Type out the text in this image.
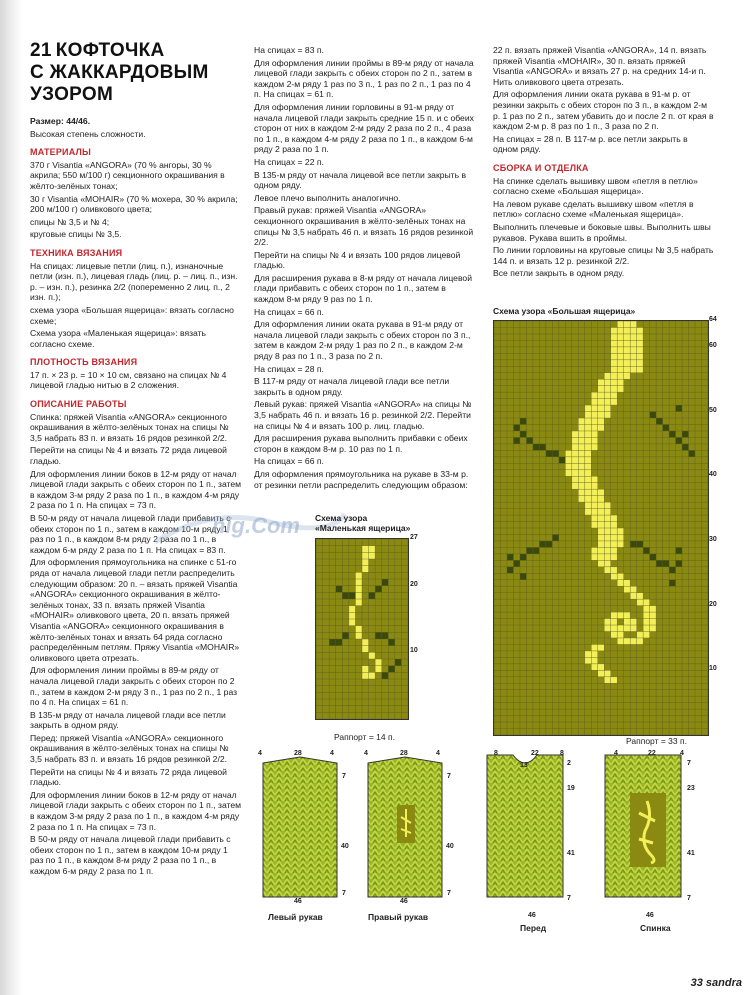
21 КОФТОЧКА
С ЖАККАРДОВЫМ
УЗОРОМ

Размер: 44/46.

Высокая степень сложности.

МАТЕРИАЛЫ

370 г Visantia «ANGORA» (70 % ангоры, 30 % акрила; 550 м/100 г) секционного окрашивания в жёлто-зелёных тонах;

30 г Visantia «MOHAIR» (70 % мохера, 30 % акрила; 200 м/100 г) оливкового цвета;

спицы № 3,5 и № 4;

круговые спицы № 3,5.

ТЕХНИКА ВЯЗАНИЯ

На спицах: лицевые петли (лиц. п.), изнаночные петли (изн. п.), лицевая гладь (лиц. р. – лиц. п., изн. р. – изн. п.), резинка 2/2 (попеременно 2 лиц. п., 2 изн. п.);

схема узора «Большая ящерица»: вязать согласно схеме;

Схема узора «Маленькая ящерица»: вязать согласно схеме.

ПЛОТНОСТЬ ВЯЗАНИЯ

17 п. × 23 р. = 10 × 10 см, связано на спицах № 4 лицевой гладью нитью в 2 сложения.

ОПИСАНИЕ РАБОТЫ

Спинка: пряжей Visantia «ANGORA» секционного окрашивания в жёлто-зелёных тонах на спицы № 3,5 набрать 83 п. и вязать 16 рядов резинкой 2/2.

Перейти на спицы № 4 и вязать 72 ряда лицевой гладью.

Для оформления линии боков в 12-м ряду от начал лицевой глади закрыть с обеих сторон по 1 п., затем в каждом 3-м ряду 2 раза по 1 п., в каждом 4-м ряду 2 раза по 1 п. На спицах = 73 п.

В 50-м ряду от начала лицевой глади прибавить с обеих сторон по 1 п., затем в каждом 10-м ряду 1 раз по 1 п., в каждом 8-м ряду 2 раза по 1 п., в каждом 6-м ряду 2 раза по 1 п. На спицах = 83 п.

Для оформления прямоугольника на спинке с 51-го ряда от начала лицевой глади петли распределить следующим образом: 20 п. – вязать пряжей Visantia «ANGORA» секционного окрашивания в жёлто-зелёных тонах, 33 п. вязать пряжей Visantia «MOHAIR» оливкового цвета, 20 п. вязать пряжей Visantia «ANGORA» секционного окрашивания в жёлто-зелёных тонах и вязать 64 ряда согласно распределённым петлям. Пряжу Visantia «MOHAIR» оливкового цвета отрезать.

Для оформления линии проймы в 89-м ряду от начала лицевой глади закрыть с обеих сторон по 2 п., затем в каждом 2-м ряду 3 п., 1 раз по 2 п., 1 раз по 4 п. На спицах = 61 п.

В 135-м ряду от начала лицевой глади все петли закрыть в одном ряду.

Перед: пряжей Visantia «ANGORA» секционного окрашивания в жёлто-зелёных тонах на спицы № 3,5 набрать 83 п. и вязать 16 рядов резинкой 2/2.

Перейти на спицы № 4 и вязать 72 ряда лицевой гладью.

Для оформления линии боков в 12-м ряду от начал лицевой глади закрыть с обеих сторон по 1 п., затем в каждом 3-м ряду 2 раза по 1 п., в каждом 4-м ряду 2 раза по 1 п. На спицах = 73 п.

В 50-м ряду от начала лицевой глади прибавить с обеих сторон по 1 п., затем в каждом 10-м ряду 1 раз по 1 п., в каждом 8-м ряду 2 раза по 1 п., в каждом 6-м ряду 2 раза по 1 п.

На спицах = 83 п.

Для оформления линии проймы в 89-м ряду от начала лицевой глади закрыть с обеих сторон по 2 п., затем в каждом 2-м ряду 1 раз по 3 п., 1 раз по 2 п., 1 раз по 4 п. На спицах = 61 п.

Для оформления линии горловины в 91-м ряду от начала лицевой глади закрыть средние 15 п. и с обеих сторон от них в каждом 2-м ряду 2 раза по 2 п., 4 раза по 1 п., в каждом 4-м ряду 2 раза по 1 п., в каждом 6-м ряду 2 раза по 1 п.

На спицах = 22 п.

В 135-м ряду от начала лицевой все петли закрыть в одном ряду.

Левое плечо выполнить аналогично.

Правый рукав: пряжей Visantia «ANGORA» секционного окрашивания в жёлто-зелёных тонах на спицы № 3,5 набрать 46 п. и вязать 16 рядов резинкой 2/2.

Перейти на спицы № 4 и вязать 100 рядов лицевой гладью.

Для расширения рукава в 8-м ряду от начала лицевой глади прибавить с обеих сторон по 1 п., затем в каждом 8-м ряду 9 раз по 1 п.

На спицах = 66 п.

Для оформления линии оката рукава в 91-м ряду от начала лицевой глади закрыть с обеих сторон по 3 п., затем в каждом 2-м ряду 1 раз по 2 п., в каждом 2-м ряду 8 раз по 1 п., 3 раза по 2 п.

На спицах = 28 п.

В 117-м ряду от начала лицевой глади все петли закрыть в одном ряду.

Левый рукав: пряжей Visantia «ANGORA» на спицы № 3,5 набрать 46 п. и вязать 16 р. резинкой 2/2. Перейти на спицы № 4 и вязать 100 р. лиц. гладью.

Для расширения рукава выполнить прибавки с обеих сторон в каждом 8-м р. 10 раз по 1 п.

На спицах = 66 п.

Для оформления прямоугольника на рукаве в 33-м р. от резинки петли распределить следующим образом:

22 п. вязать пряжей Visantia «ANGORA», 14 п. вязать пряжей Visantia «MOHAIR», 30 п. вязать пряжей Visantia «ANGORA» и вязать 27 р. на средних 14-и п. Нить оливкового цвета отрезать.

Для оформления линии оката рукава в 91-м р. от резинки закрыть с обеих сторон по 3 п., в каждом 2-м р. 1 раз по 2 п., затем убавить до и после 2 п. от края в каждом 2-м р. 8 раз по 1 п., 3 раза по 2 п.

На спицах = 28 п. В 117-м р. все петли закрыть в одном ряду.

СБОРКА И ОТДЕЛКА

На спинке сделать вышивку швом «петля в петлю» согласно схеме «Большая ящерица».

На левом рукаве сделать вышивку швом «петля в петлю» согласно схеме «Маленькая ящерица».

Выполнить плечевые и боковые швы. Выполнить швы рукавов. Рукава вшить в проймы.

По линии горловины на круговые спицы № 3,5 набрать 144 п. и вязать 12 р. резинкой 2/2.

Все петли закрыть в одном ряду.

nig.Com
Схема узора «Большая ящерица»
64
60
50
40
30
20
10
Раппорт = 33 п.
Схема узора
«Маленькая ящерица»
27
20
10
Раппорт = 14 п.
Левый рукав	Правый рукав
Перед	Спинка
4	28	4
46
7
40
7
4	28	4
46
7
40
7
8	22	8
13
46
2
19
41
7
4	22	4
46
7
23
41
7
33 sandra
